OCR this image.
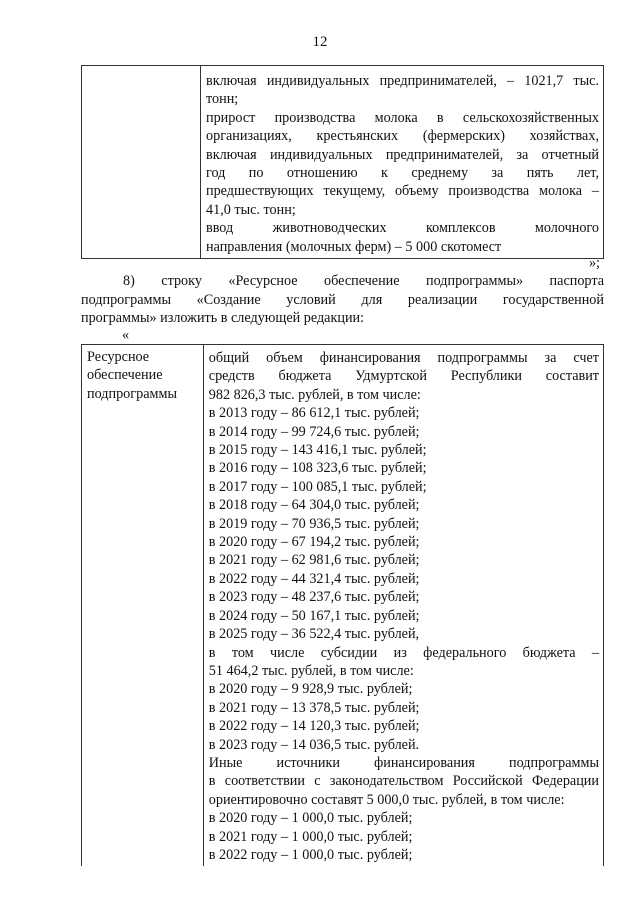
12

включая индивидуальных предпринимателей, – 1021,7 тыс.
тонн;
прирост производства молока в сельскохозяйственных
организациях, крестьянских (фермерских) хозяйствах,
включая индивидуальных предпринимателей, за отчетный
год по отношению к среднему за пять лет,
предшествующих текущему, объему производства молока –
41,0 тыс. тонн;
ввод животноводческих комплексов молочного
направления (молочных ферм) – 5 000 скотомест
»;
8) строку «Ресурсное обеспечение подпрограммы» паспорта
подпрограммы «Создание условий для реализации государственной
программы» изложить в следующей редакции:
«
Ресурсное
обеспечение
подпрограммы

общий объем финансирования подпрограммы за счет
средств бюджета Удмуртской Республики составит
982 826,3 тыс. рублей, в том числе:
в 2013 году – 86 612,1 тыс. рублей;
в 2014 году – 99 724,6 тыс. рублей;
в 2015 году – 143 416,1 тыс. рублей;
в 2016 году – 108 323,6 тыс. рублей;
в 2017 году – 100 085,1 тыс. рублей;
в 2018 году – 64 304,0 тыс. рублей;
в 2019 году – 70 936,5 тыс. рублей;
в 2020 году – 67 194,2 тыс. рублей;
в 2021 году – 62 981,6 тыс. рублей;
в 2022 году – 44 321,4 тыс. рублей;
в 2023 году – 48 237,6 тыс. рублей;
в 2024 году – 50 167,1 тыс. рублей;
в 2025 году – 36 522,4 тыс. рублей,
в том числе субсидии из федерального бюджета –
51 464,2 тыс. рублей, в том числе:
в 2020 году – 9 928,9 тыс. рублей;
в 2021 году – 13 378,5 тыс. рублей;
в 2022 году – 14 120,3 тыс. рублей;
в 2023 году – 14 036,5 тыс. рублей.
Иные источники финансирования подпрограммы
в соответствии с законодательством Российской Федерации
ориентировочно составят 5 000,0 тыс. рублей, в том числе:
в 2020 году – 1 000,0 тыс. рублей;
в 2021 году – 1 000,0 тыс. рублей;
в 2022 году – 1 000,0 тыс. рублей;
